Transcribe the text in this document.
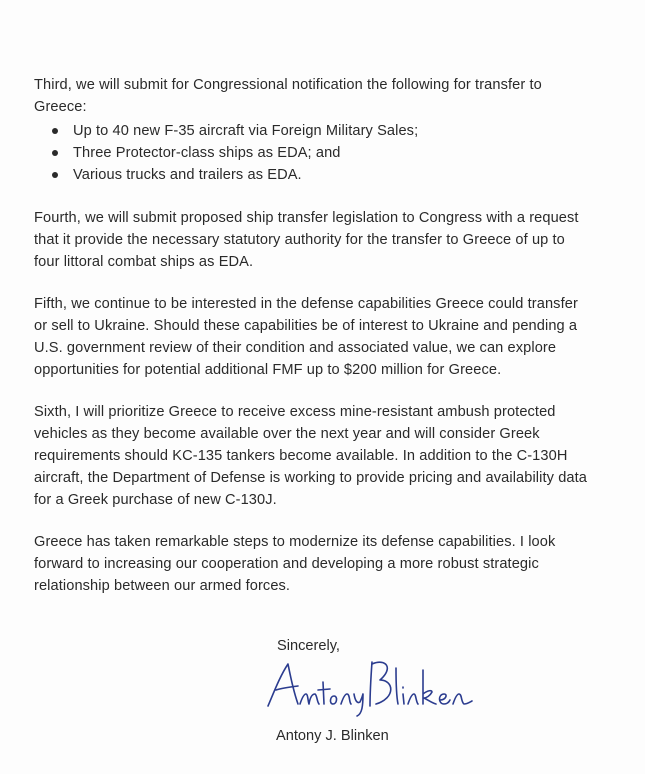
Third, we will submit for Congressional notification the following for transfer to Greece:

Up to 40 new F-35 aircraft via Foreign Military Sales;
Three Protector-class ships as EDA; and
Various trucks and trailers as EDA.

Fourth, we will submit proposed ship transfer legislation to Congress with a request that it provide the necessary statutory authority for the transfer to Greece of up to four littoral combat ships as EDA.

Fifth, we continue to be interested in the defense capabilities Greece could transfer or sell to Ukraine. Should these capabilities be of interest to Ukraine and pending a U.S. government review of their condition and associated value, we can explore opportunities for potential additional FMF up to $200 million for Greece.

Sixth, I will prioritize Greece to receive excess mine-resistant ambush protected vehicles as they become available over the next year and will consider Greek requirements should KC-135 tankers become available. In addition to the C-130H aircraft, the Department of Defense is working to provide pricing and availability data for a Greek purchase of new C-130J.

Greece has taken remarkable steps to modernize its defense capabilities. I look forward to increasing our cooperation and developing a more robust strategic relationship between our armed forces.

Sincerely,
Antony Blinken
Antony J. Blinken
